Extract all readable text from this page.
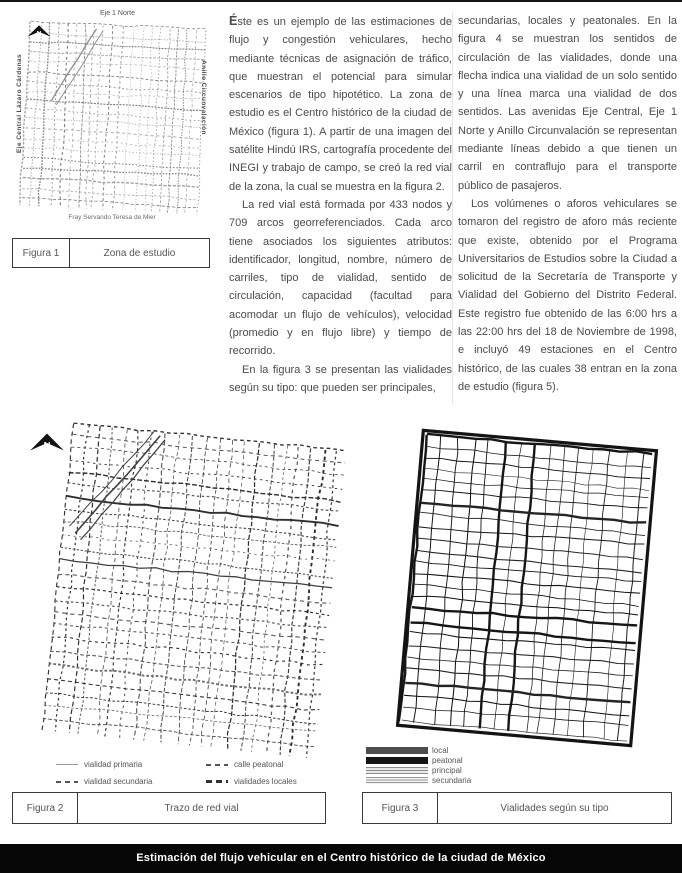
N
Eje 1 Norte
Eje Central Lázaro Cárdenas	Anillo Circunvalación
Fray Servando Teresa de Mier
Figura 1	Zona de estudio

Éste es un ejemplo de las estimaciones de flujo y congestión vehiculares, hecho mediante técnicas de asignación de tráfico, que muestran el potencial para simular escenarios de tipo hipotético. La zona de estudio es el Centro histórico de la ciudad de México (figura 1). A partir de una imagen del satélite Hindú IRS, cartografía procedente del INEGI y trabajo de campo, se creó la red vial de la zona, la cual se muestra en la figura 2.

La red vial está formada por 433 nodos y 709 arcos georreferenciados. Cada arco tiene asociados los siguientes atributos: identificador, longitud, nombre, número de carriles, tipo de vialidad, sentido de circulación, capacidad (facultad para acomodar un flujo de vehículos), velocidad (promedio y en flujo libre) y tiempo de recorrido.

En la figura 3 se presentan las vialidades según su tipo: que pueden ser principales,

secundarias, locales y peatonales. En la figura 4 se muestran los sentidos de circulación de las vialidades, donde una flecha indica una vialidad de un solo sentido y una línea marca una vialidad de dos sentidos. Las avenidas Eje Central, Eje 1 Norte y Anillo Circunvalación se representan mediante líneas debido a que tienen un carril en contraflujo para el transporte público de pasajeros.

Los volúmenes o aforos vehiculares se tomaron del registro de aforo más reciente que existe, obtenido por el Programa Universitarios de Estudios sobre la Ciudad a solicitud de la Secretaría de Transporte y Vialidad del Gobierno del Distrito Federal. Este registro fue obtenido de las 6:00 hrs a las 22:00 hrs del 18 de Noviembre de 1998, e incluyó 49 estaciones en el Centro histórico, de las cuales 38 entran en la zona de estudio (figura 5).

N
vialidad primaria	calle peatonal
vialidad secundaria	vialidades locales
Figura 2	Trazo de red vial
local
peatonal
principal
secundaria
Figura 3	Vialidades según su tipo
Estimación del flujo vehicular en el Centro histórico de la ciudad de México
